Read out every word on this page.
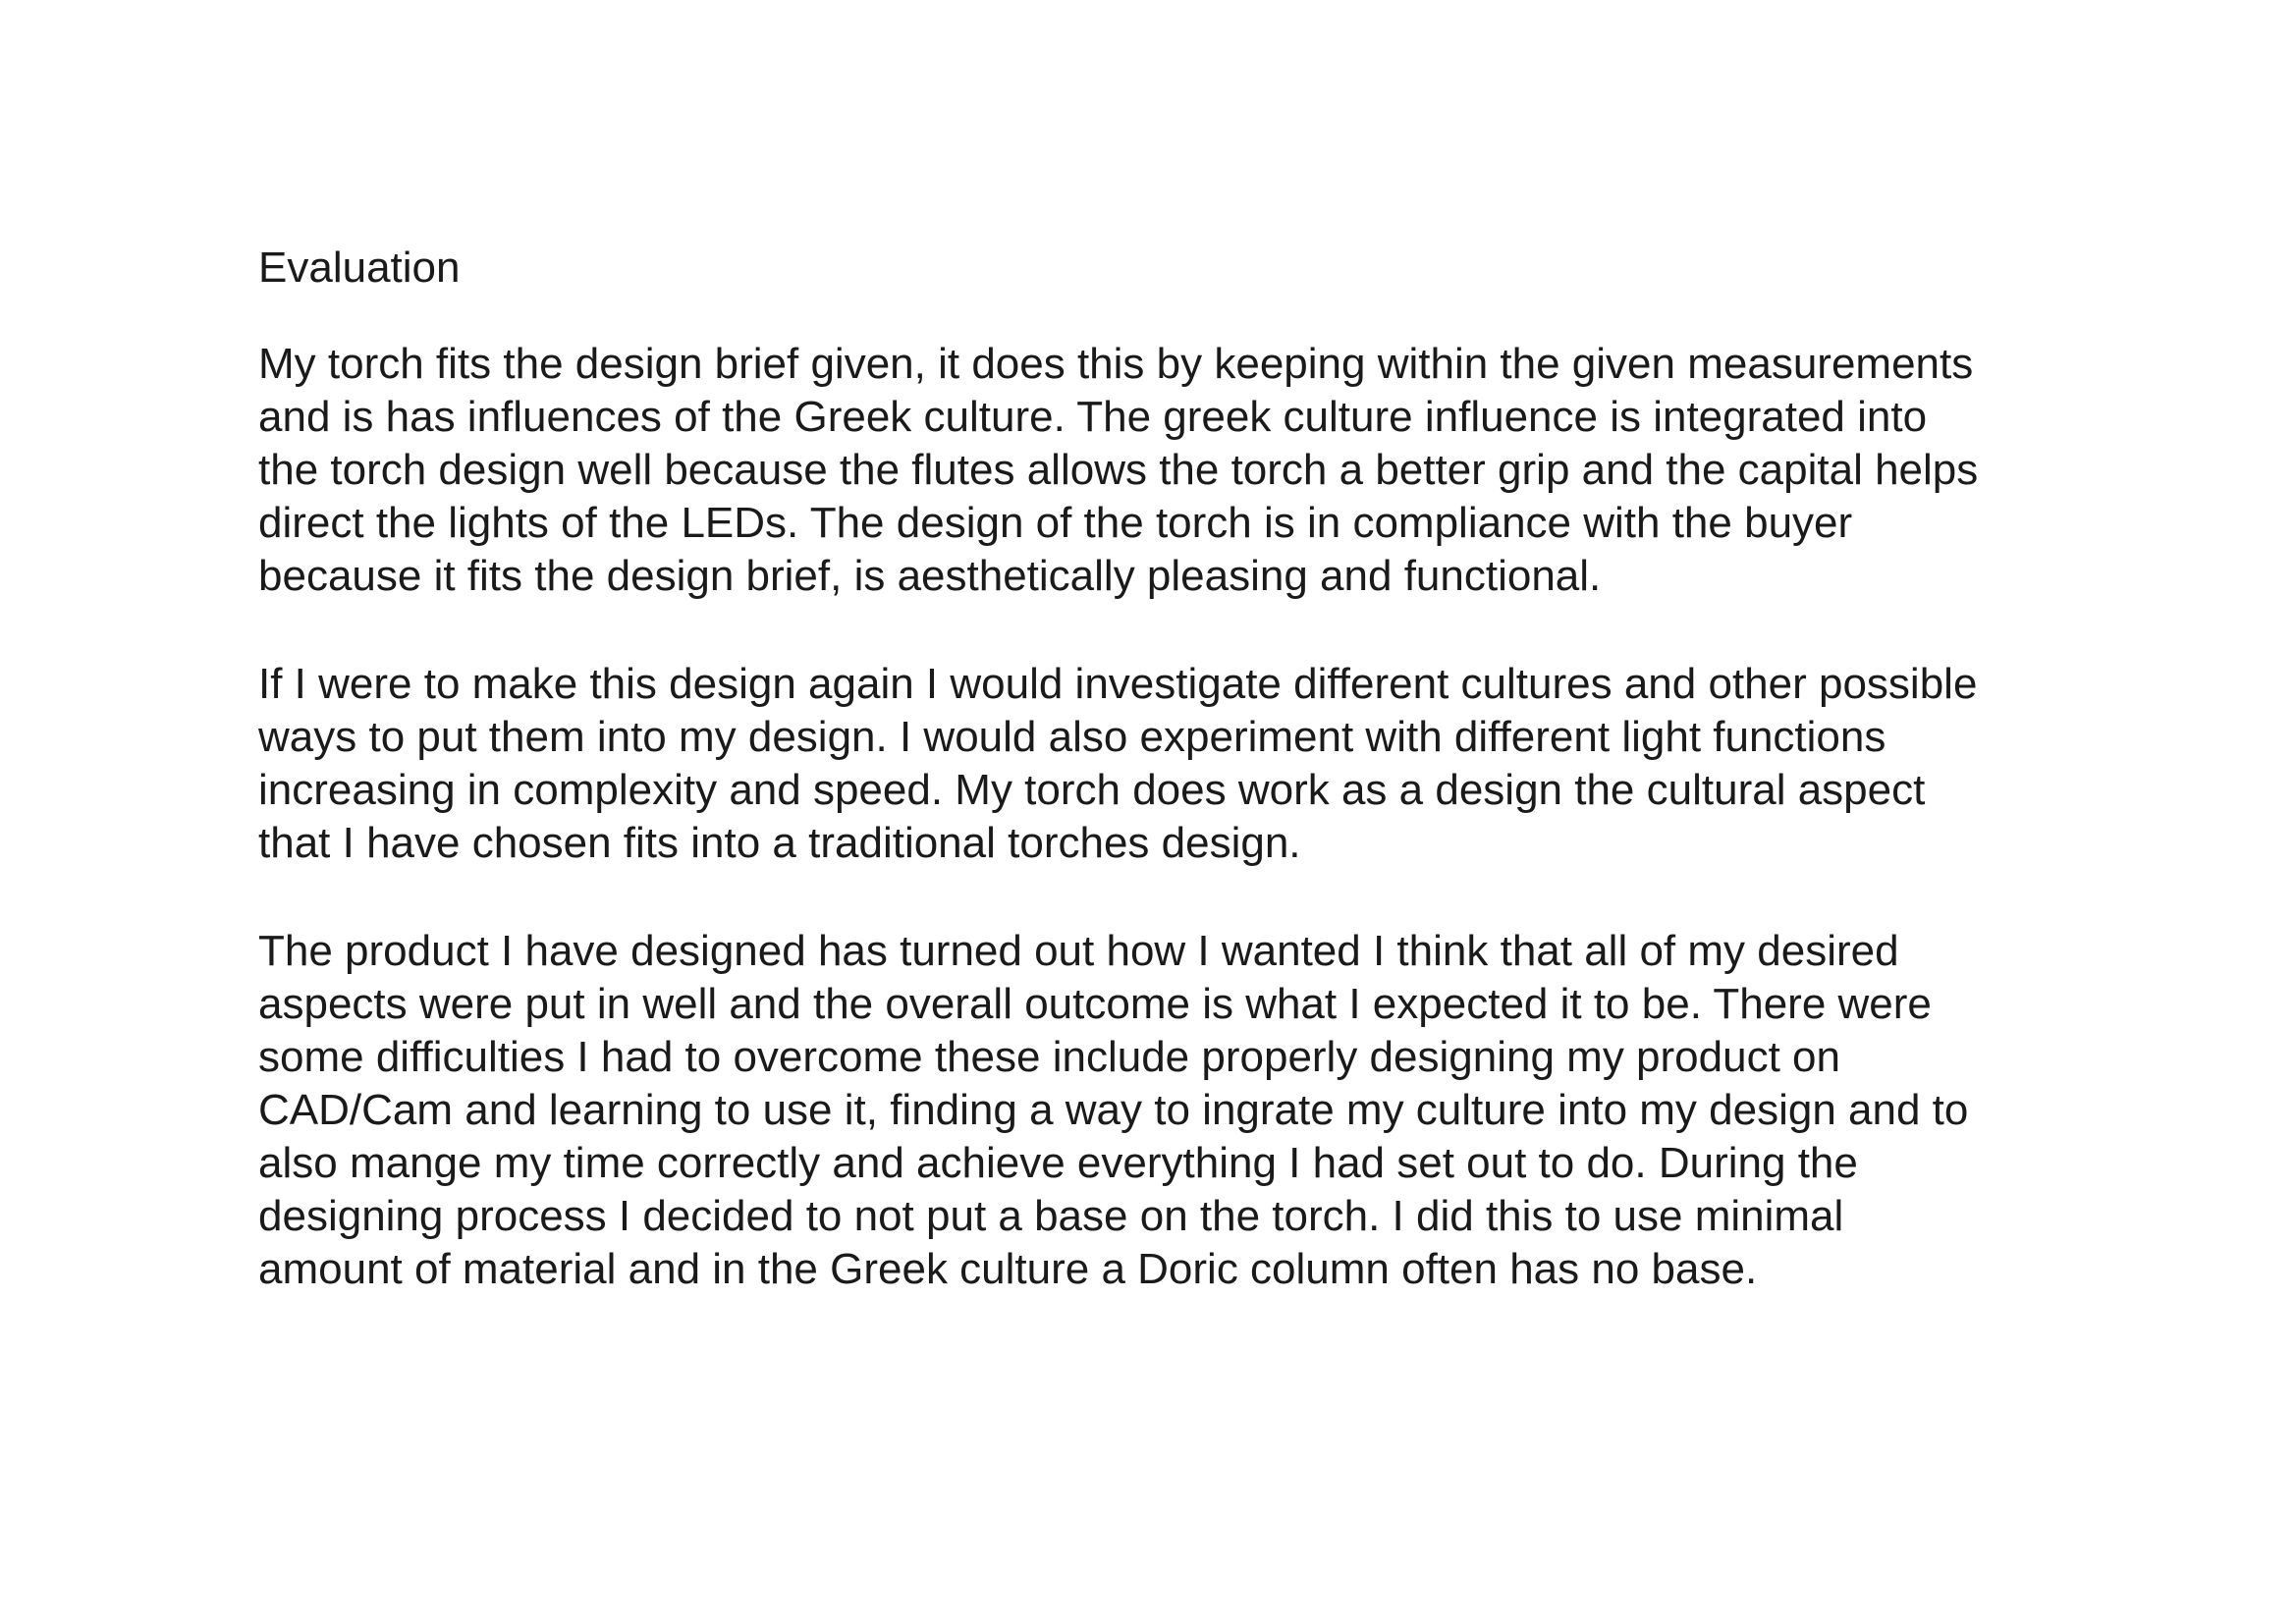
Evaluation
My torch fits the design brief given, it does this by keeping within the given measurements
and is has influences of the Greek culture. The greek culture influence is integrated into
the torch design well because the flutes allows the torch a better grip and the capital helps
direct the lights of the LEDs. The design of the torch is in compliance with the buyer
because it fits the design brief, is aesthetically pleasing and functional.
If I were to make this design again I would investigate different cultures and other possible
ways to put them into my design. I would also experiment with different light functions
increasing in complexity and speed. My torch does work as a design the cultural aspect
that I have chosen fits into a traditional torches design.
The product I have designed has turned out how I wanted I think that all of my desired
aspects were put in well and the overall outcome is what I expected it to be. There were
some difficulties I had to overcome these include properly designing my product on
CAD/Cam and learning to use it, finding a way to ingrate my culture into my design and to
also mange my time correctly and achieve everything I had set out to do. During the
designing process I decided to not put a base on the torch. I did this to use minimal
amount of material and in the Greek culture a Doric column often has no base.
